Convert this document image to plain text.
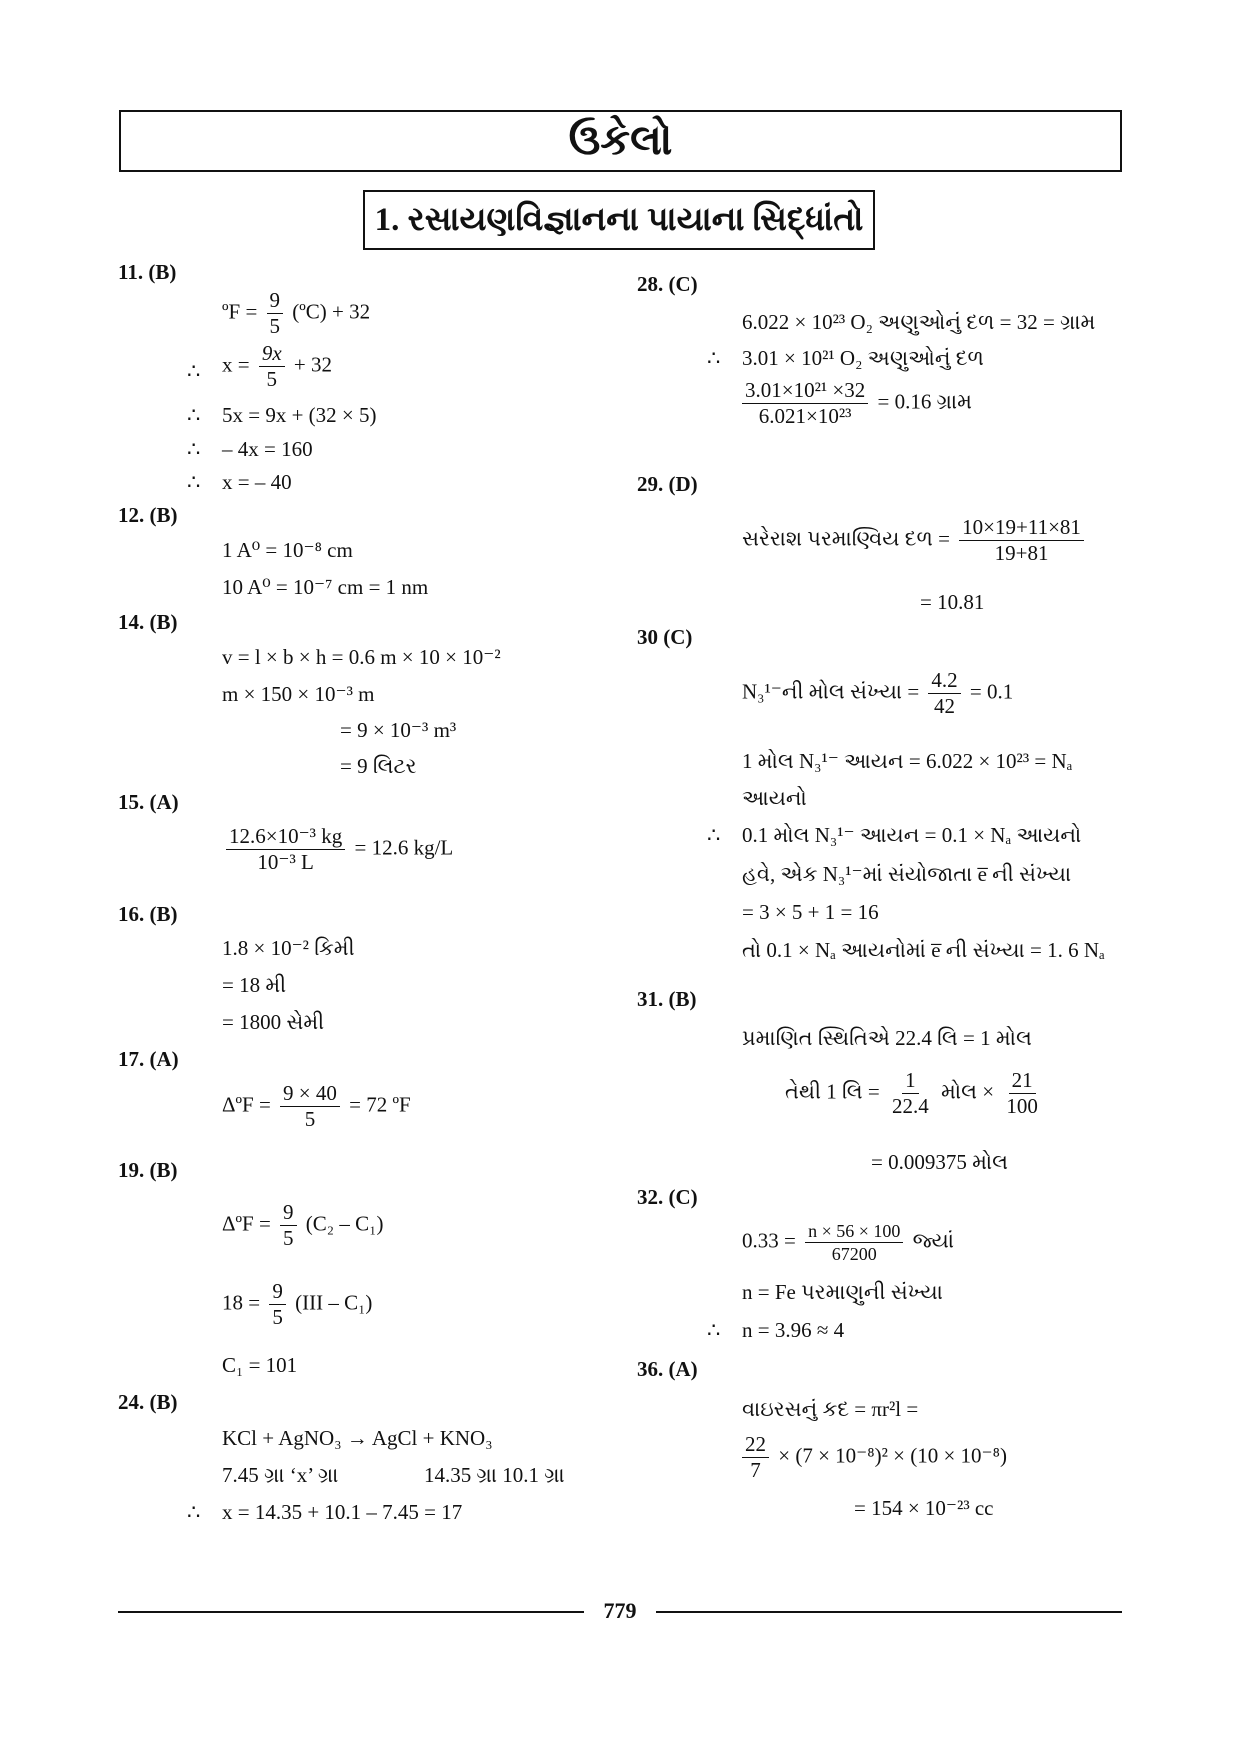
ઉકેલો
1. રસાયણવિજ્ઞાનના પાયાના સિદ્ધાંતો
11. (B)
ºF = $\frac{9}{5}$ (ºC) + 32
∴ $x = \frac{9x}{5} + 32$
∴ 5x = 9x + (32 × 5)
∴ – 4x = 160
∴ x = – 40
12. (B)
1 A⁰ = 10⁻⁸ cm
10 A⁰ = 10⁻⁷ cm = 1 nm
14. (B)
v = l × b × h = 0.6 m × 10 × 10⁻²
m × 150 × 10⁻³ m
= 9 × 10⁻³ m³
= 9 લિટર
15. (A)
$\frac{\text{12.6×10⁻³ kg}}{\text{10⁻³ L}} = 12.6$ kg/L
16. (B)
1.8 × 10⁻² કિમી
= 18 મી
= 1800 સેમી
17. (A)
ΔºF = $\frac{9 \times 40}{5} = 72$ ºF
19. (B)
ΔºF = $\frac{9}{5} (C_2 - C_1)$
$18 = \frac{9}{5} (III - C_1)$
C₁ = 101
24. (B)
KCl + AgNO₃ → AgCl + KNO₃
7.45 ગ્રા ‘x’ ગ્રા	14.35 ગ્રા 10.1 ગ્રા
∴ x = 14.35 + 10.1 – 7.45 = 17
28. (C)
6.022 × 10²³ O₂ અણુઓનું દળ = 32 = ગ્રામ
∴ 3.01 × 10²¹ O₂ અણુઓનું દળ
$\frac{\text{3.01×10²¹ ×32}}{\text{6.021×10²³}} = 0.16$ ગ્રામ
29. (D)
સરેરાશ પરમાણ્વિય દળ = $\frac{10\times 19+11\times 81}{19+81}$
= 10.81
30 (C)
N₃¹⁻ની મોલ સંખ્યા = $\frac{4.2}{42} = 0.1$
1 મોલ N₃¹⁻ આયન = 6.022 × 10²³ = Nₐ
આયનો
∴ 0.1 મોલ N₃¹⁻ આયન = 0.1 × Nₐ આયનો
હવે, એક N₃¹⁻માં સંયોજાતા e̅ ની સંખ્યા
= 3 × 5 + 1 = 16
તો 0.1 × Nₐ આયનોમાં e̅ ની સંખ્યા = 1. 6 Nₐ
31. (B)
પ્રમાણિત સ્થિતિએ 22.4 લિ = 1 મોલ
તેથી 1 લિ = $\frac{1}{22.4}$ મોલ × $\frac{21}{100}$
= 0.009375 મોલ
32. (C)
$0.33 = \frac{n \times 56 \times 100}{67200}$ જ્યાં
n = Fe પરમાણુની સંખ્યા
∴ n = 3.96 ≈ 4
36. (A)
વાઇરસનું કદ = πr²l =
$\frac{22}{7} \times (7 \times 10^{-8})^2 \times (10 \times 10^{-8})$
= 154 × 10⁻²³ cc
779
